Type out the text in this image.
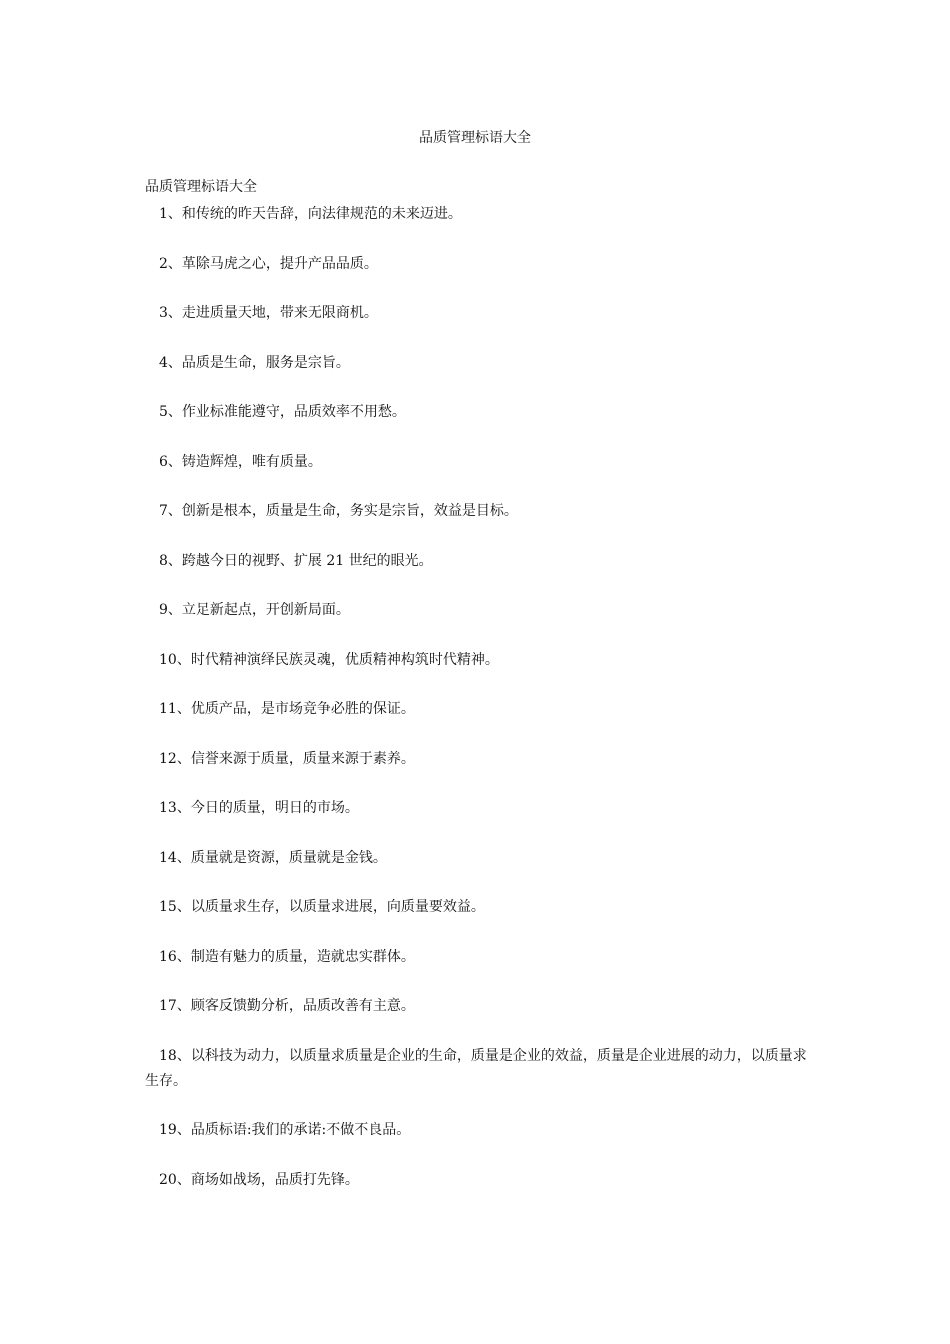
品质管理标语大全

品质管理标语大全

1、和传统的昨天告辞，向法律规范的未来迈进。
2、革除马虎之心，提升产品品质。
3、走进质量天地，带来无限商机。
4、品质是生命，服务是宗旨。
5、作业标准能遵守，品质效率不用愁。
6、铸造辉煌，唯有质量。
7、创新是根本，质量是生命，务实是宗旨，效益是目标。
8、跨越今日的视野、扩展 21 世纪的眼光。
9、立足新起点，开创新局面。
10、时代精神演绎民族灵魂，优质精神构筑时代精神。
11、优质产品，是市场竞争必胜的保证。
12、信誉来源于质量，质量来源于素养。
13、今日的质量，明日的市场。
14、质量就是资源，质量就是金钱。
15、以质量求生存，以质量求进展，向质量要效益。
16、制造有魅力的质量，造就忠实群体。
17、顾客反馈勤分析，品质改善有主意。
18、以科技为动力，以质量求质量是企业的生命，质量是企业的效益，质量是企业进展的动力，以质量求生存。
19、品质标语:我们的承诺:不做不良品。
20、商场如战场，品质打先锋。
